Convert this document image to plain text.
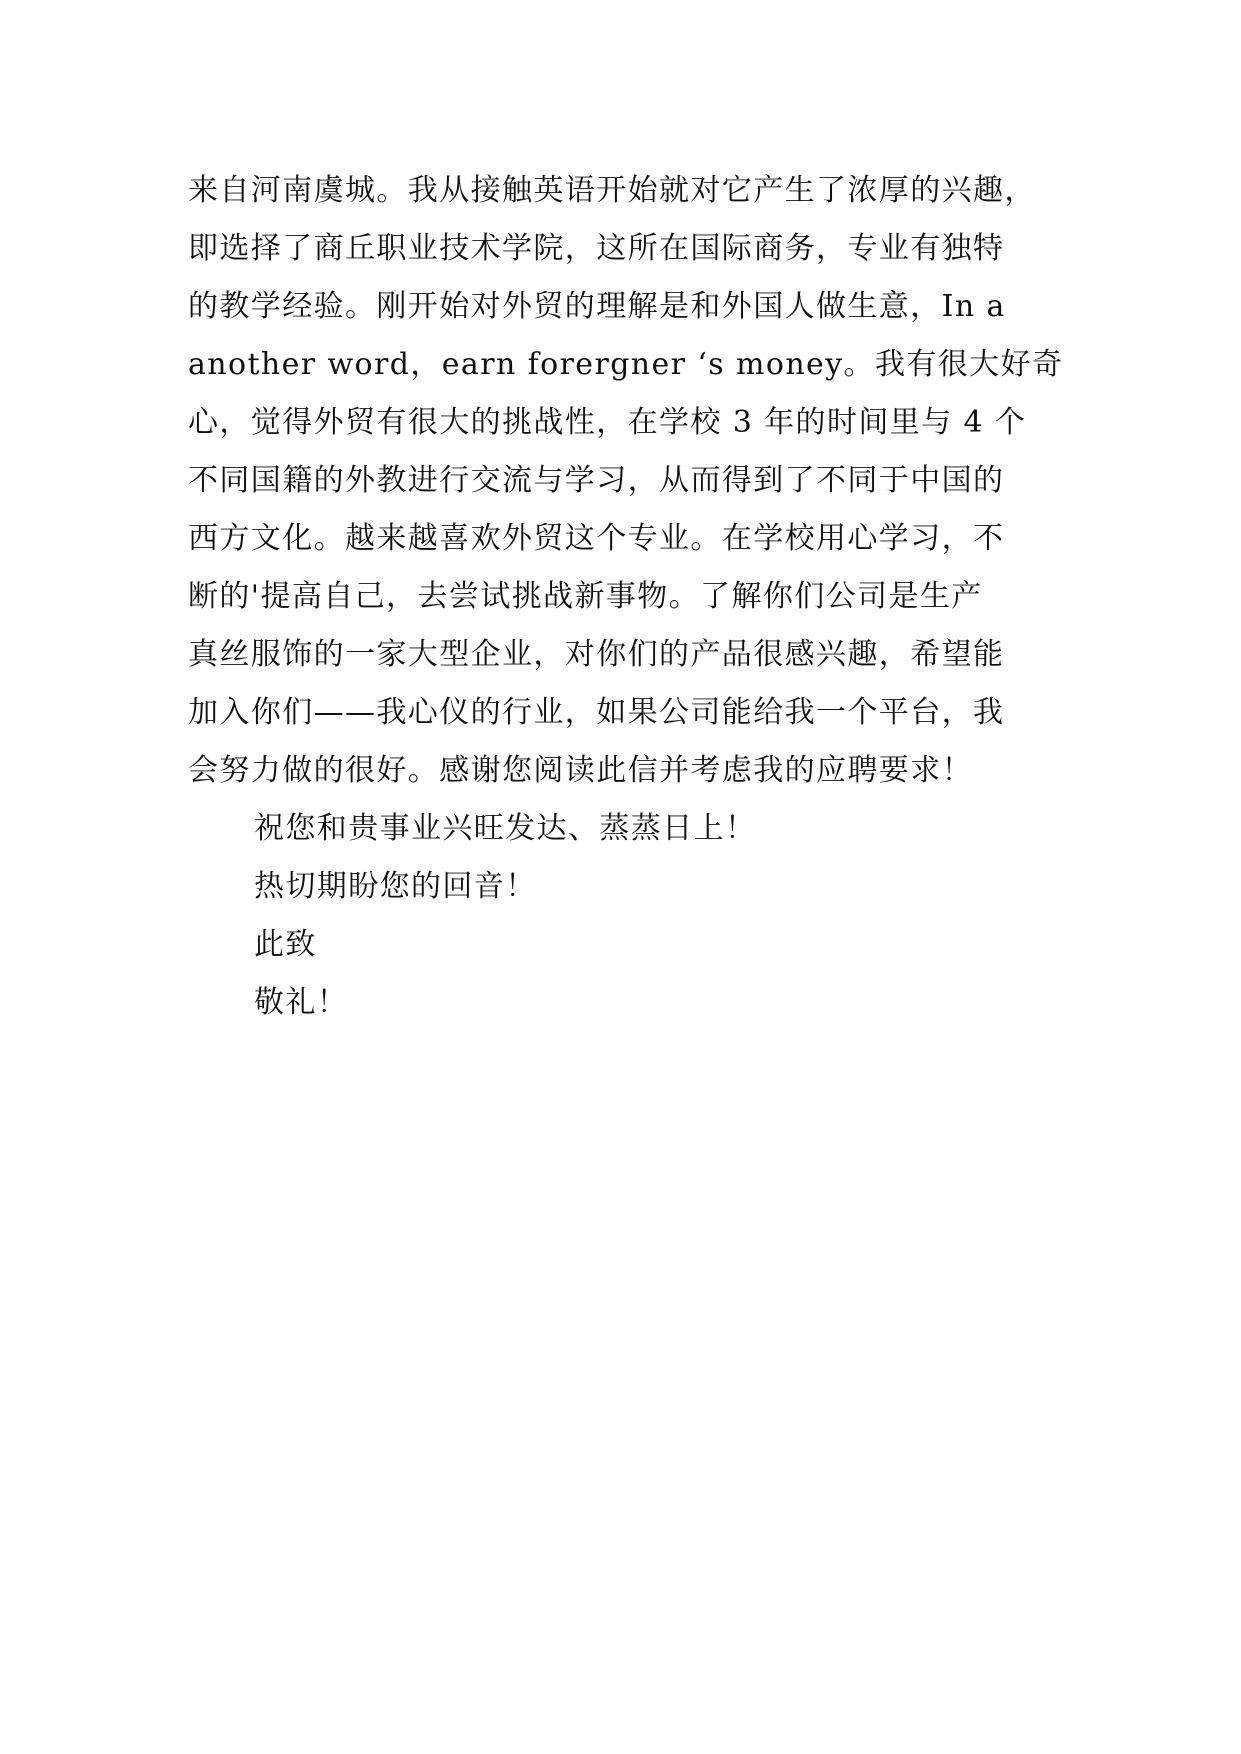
来自河南虞城。我从接触英语开始就对它产生了浓厚的兴趣，
即选择了商丘职业技术学院，这所在国际商务，专业有独特
的教学经验。刚开始对外贸的理解是和外国人做生意，In a
another word，earn forergner ‘s money。我有很大好奇
心，觉得外贸有很大的挑战性，在学校 3 年的时间里与 4 个
不同国籍的外教进行交流与学习，从而得到了不同于中国的
西方文化。越来越喜欢外贸这个专业。在学校用心学习，不
断的'提高自己，去尝试挑战新事物。了解你们公司是生产
真丝服饰的一家大型企业，对你们的产品很感兴趣，希望能
加入你们——我心仪的行业，如果公司能给我一个平台，我
会努力做的很好。感谢您阅读此信并考虑我的应聘要求！
祝您和贵事业兴旺发达、蒸蒸日上！
热切期盼您的回音！
此致
敬礼！
